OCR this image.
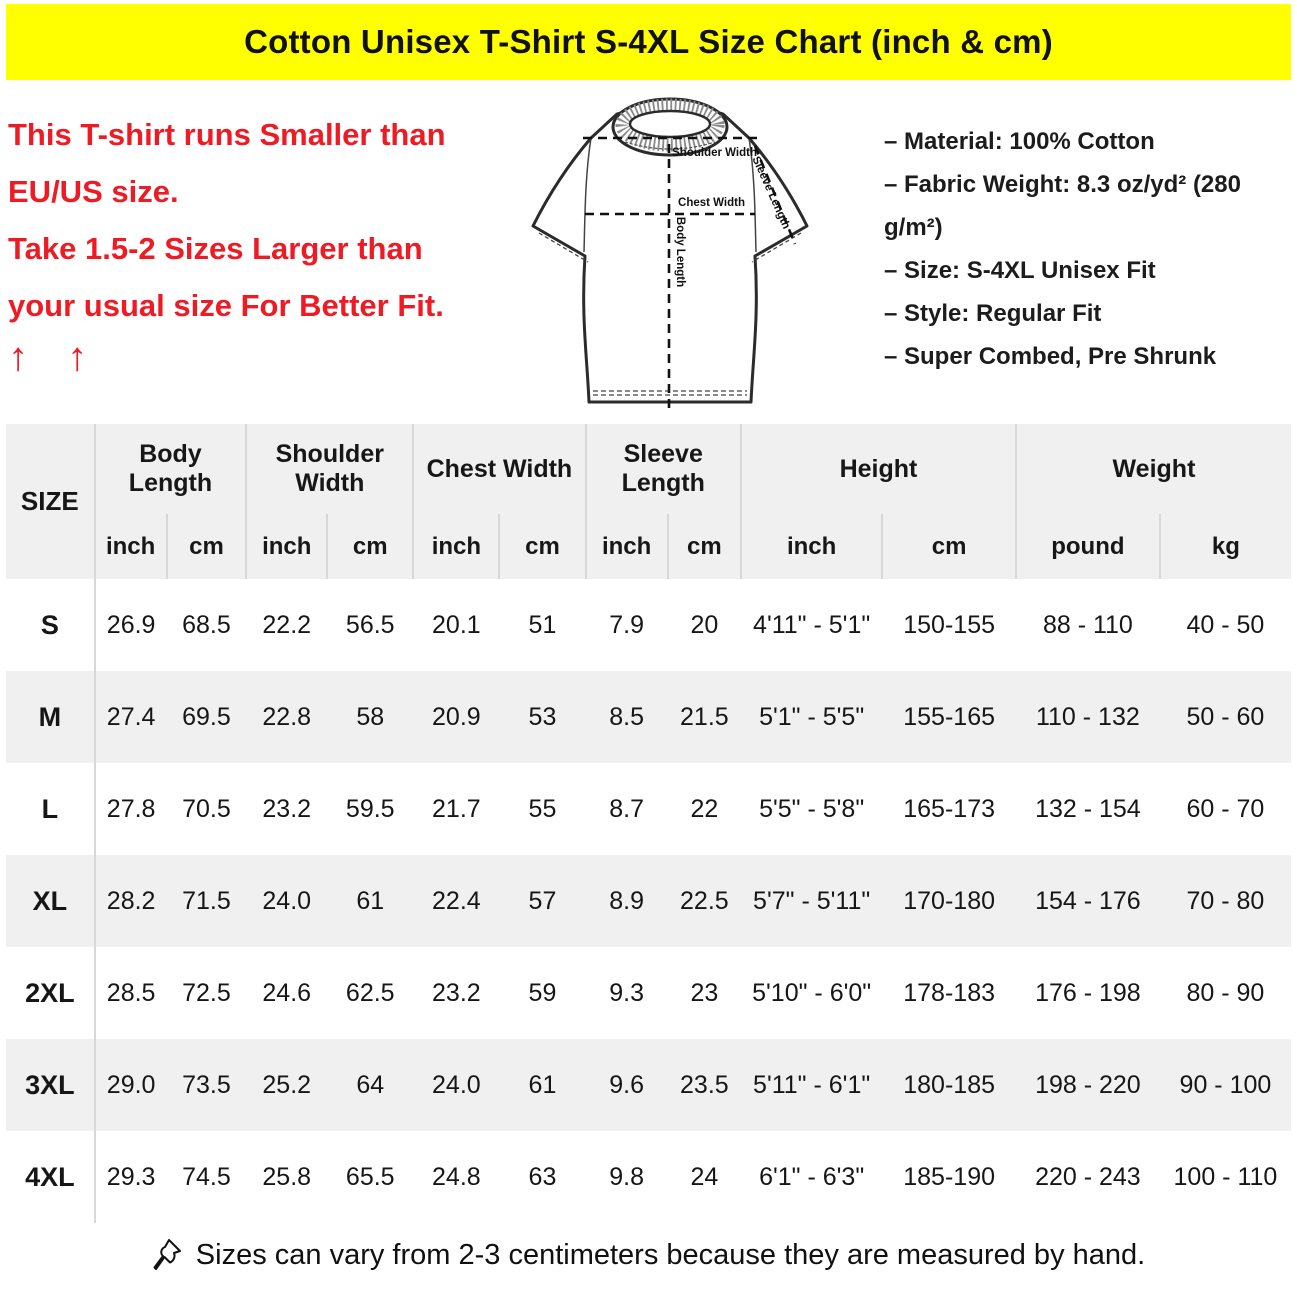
Cotton Unisex T-Shirt S-4XL Size Chart (inch & cm)
This T-shirt runs Smaller than
EU/US size.
Take 1.5-2 Sizes Larger than
your usual size For Better Fit.
↑ ↑
Shoulder Width
Chest Width
Body Length
Sleeve Length
– Material: 100% Cotton
– Fabric Weight: 8.3 oz/yd² (280 g/m²)
– Size: S-4XL Unisex Fit
– Style: Regular Fit
– Super Combed, Pre Shrunk
SIZE	Body Length		Shoulder Width		Chest Width		Sleeve Length		Height		Weight	
	inch	cm	inch	cm	inch	cm	inch	cm	inch	cm	pound	kg
S	26.9	68.5	22.2	56.5	20.1	51	7.9	20	4'11" - 5'1"	150-155	88 - 110	40 - 50
M	27.4	69.5	22.8	58	20.9	53	8.5	21.5	5'1" - 5'5"	155-165	110 - 132	50 - 60
L	27.8	70.5	23.2	59.5	21.7	55	8.7	22	5'5" - 5'8"	165-173	132 - 154	60 - 70
XL	28.2	71.5	24.0	61	22.4	57	8.9	22.5	5'7" - 5'11"	170-180	154 - 176	70 - 80
2XL	28.5	72.5	24.6	62.5	23.2	59	9.3	23	5'10" - 6'0"	178-183	176 - 198	80 - 90
3XL	29.0	73.5	25.2	64	24.0	61	9.6	23.5	5'11" - 6'1"	180-185	198 - 220	90 - 100
4XL	29.3	74.5	25.8	65.5	24.8	63	9.8	24	6'1" - 6'3"	185-190	220 - 243	100 - 110
Sizes can vary from 2-3 centimeters because they are measured by hand.
